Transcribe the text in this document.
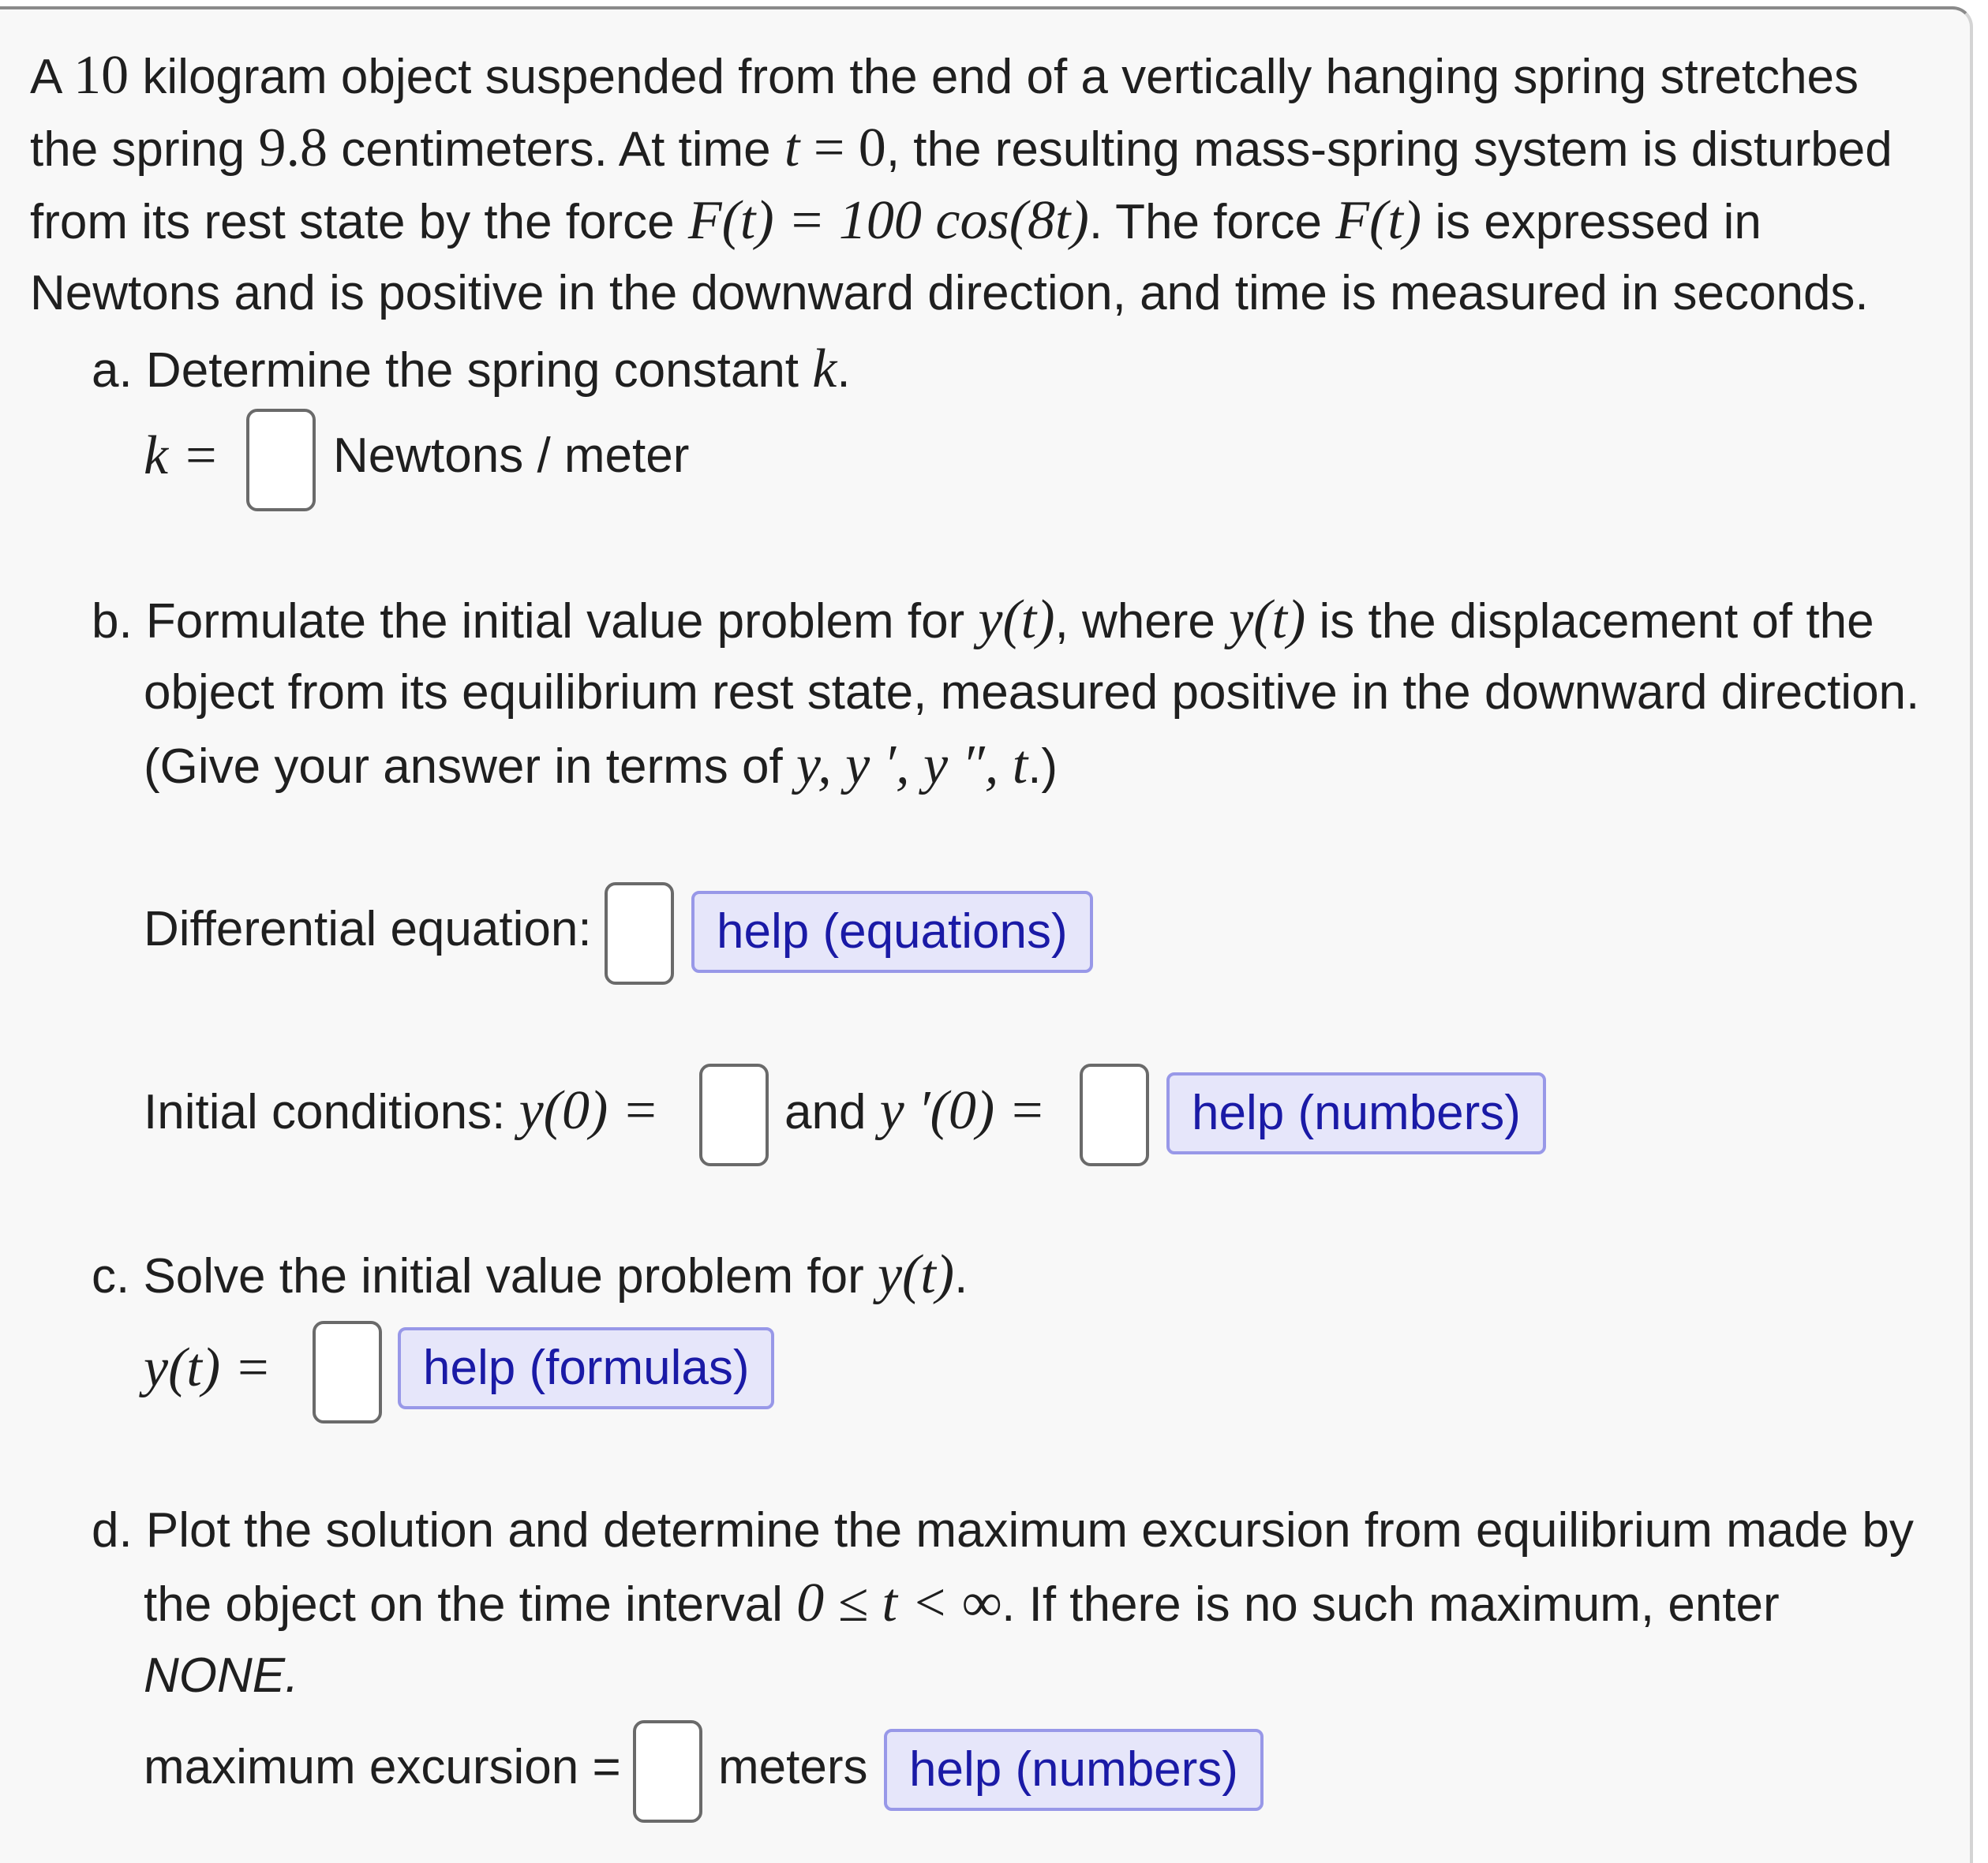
A 10 kilogram object suspended from the end of a vertically hanging spring stretches
the spring 9.8 centimeters. At time t = 0, the resulting mass-spring system is disturbed
from its rest state by the force F(t) = 100 cos(8t). The force F(t) is expressed in
Newtons and is positive in the downward direction, and time is measured in seconds.
a. Determine the spring constant k.
k = Newtons / meter
b. Formulate the initial value problem for y(t), where y(t) is the displacement of the
object from its equilibrium rest state, measured positive in the downward direction.
(Give your answer in terms of y, y ′, y ″, t.)
Differential equation:	help (equations)
Initial conditions: y(0) =	and y ′(0) =	help (numbers)
c. Solve the initial value problem for y(t).
y(t) =	help (formulas)
d. Plot the solution and determine the maximum excursion from equilibrium made by
the object on the time interval 0 ≤ t < ∞. If there is no such maximum, enter
NONE.
maximum excursion = meters help (numbers)
